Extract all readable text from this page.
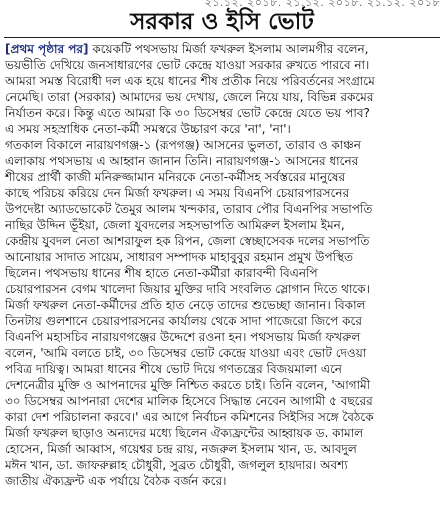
২১.১২. ২০১৮. ২১.১২. ২০১৮. ২১.১২. ২০১৮
সরকার ও ইসি ভোট
[প্রথম পৃষ্ঠার পর] কয়েকটি পথসভায় মির্জা ফখরুল ইসলাম আলমগীর বলেন,
ভয়ভীতি দেখিয়ে জনসাধারণের ভোট কেন্দ্রে যাওয়া সরকার রুখতে পারবে না।
আমরা সমস্ত বিরোধী দল এক হয়ে ধানের শীষ প্রতীক নিয়ে পরিবর্তনের সংগ্রামে
নেমেছি। তারা (সরকার) আমাদের ভয় দেখায়, জেলে নিয়ে যায়, বিভিন্ন রকমের
নির্যাতন করে। কিন্তু এতে আমরা কি ৩০ ডিসেম্বর ভোট কেন্দ্রে যেতে ভয় পাব?
এ সময় সহস্রাধিক নেতা-কর্মী সমস্বরে উচ্চারণ করে 'না', 'না'।
গতকাল বিকালে নারায়ণগঞ্জ-১ (রূপগঞ্জ) আসনের ভুলতা, তারাব ও কাঞ্চন
এলাকায় পথসভায় এ আহ্বান জানান তিনি। নারায়ণগঞ্জ-১ আসনের ধানের
শীষের প্রার্থী কাজী মনিরুজ্জামান মনিরকে নেতা-কর্মীসহ সর্বস্তরের মানুষের
কাছে পরিচয় করিয়ে দেন মির্জা ফখরুল। এ সময় বিএনপি চেয়ারপারসনের
উপদেষ্টা অ্যাডভোকেট তৈমুর আলম খন্দকার, তারাব পৌর বিএনপির সভাপতি
নাছির উদ্দিন ভূঁইয়া, জেলা যুবদলের সহসভাপতি আমিরুল ইসলাম ইমন,
কেন্দ্রীয় যুবদল নেতা আশরাফুল হক রিপন, জেলা স্বেচ্ছাসেবক দলের সভাপতি
আনোয়ার সাদাত সায়েম, সাধারণ সম্পাদক মাহাবুবুর রহমান প্রমুখ উপস্থিত
ছিলেন। পথসভায় ধানের শীষ হাতে নেতা-কর্মীরা কারাবন্দী বিএনপি
চেয়ারপারসন বেগম খালেদা জিয়ার মুক্তির দাবি সংবলিত স্লোগান দিতে থাকে।
মির্জা ফখরুল নেতা-কর্মীদের প্রতি হাত নেড়ে তাদের শুভেচ্ছা জানান। বিকাল
তিনটায় গুলশানে চেয়ারপারসনের কার্যালয় থেকে সাদা পাজেরো জিপে করে
বিএনপি মহাসচিব নারায়ণগঞ্জের উদ্দেশে রওনা হন। পথসভায় মির্জা ফখরুল
বলেন, 'আমি বলতে চাই, ৩০ ডিসেম্বর ভোট কেন্দ্রে যাওয়া এবং ভোট দেওয়া
পবিত্র দায়িত্ব। আমরা ধানের শীষে ভোট দিয়ে গণতন্ত্রের বিজয়মালা এনে
দেশনেত্রীর মুক্তি ও আপনাদের মুক্তি নিশ্চিত করতে চাই। তিনি বলেন, 'আগামী
৩০ ডিসেম্বর আপনারা দেশের মালিক হিসেবে সিদ্ধান্ত নেবেন আগামী ৫ বছরের
কারা দেশ পরিচালনা করবে।' এর আগে নির্বাচন কমিশনের সিইসির সঙ্গে বৈঠকে
মির্জা ফখরুল ছাড়াও অন্যদের মধ্যে ছিলেন ঐক্যফ্রন্টের আহ্বায়ক ড. কামাল
হোসেন, মির্জা আব্বাস, গয়েশ্বর চন্দ্র রায়, নজরুল ইসলাম খান, ড. আবদুল
মঈন খান, ডা. জাফরুল্লাহ চৌধুরী, সুব্রত চৌধুরী, জগলুল হায়দার। অবশ্য
জাতীয় ঐক্যফ্রন্ট এক পর্যায়ে বৈঠক বর্জন করে।
